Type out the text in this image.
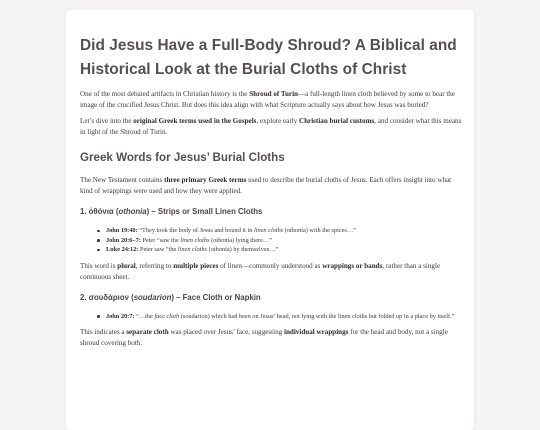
Did Jesus Have a Full-Body Shroud? A Biblical and Historical Look at the Burial Cloths of Christ

One of the most debated artifacts in Christian history is the Shroud of Turin—a full-length linen cloth believed by some to bear the image of the crucified Jesus Christ. But does this idea align with what Scripture actually says about how Jesus was buried?

Let’s dive into the original Greek terms used in the Gospels, explore early Christian burial customs, and consider what this means in light of the Shroud of Turin.

Greek Words for Jesus’ Burial Cloths

The New Testament contains three primary Greek terms used to describe the burial cloths of Jesus. Each offers insight into what kind of wrappings were used and how they were applied.

1. ὀθόνια (othonia) – Strips or Small Linen Cloths
John 19:40: “They took the body of Jesus and bound it in linen cloths (othonia) with the spices…”
John 20:6–7: Peter “saw the linen cloths (othonia) lying there…”
Luke 24:12: Peter saw “the linen cloths (othonia) by themselves…”

This word is plural, referring to multiple pieces of linen—commonly understood as wrappings or bands, rather than a single continuous sheet.

2. σουδάριον (soudarion) – Face Cloth or Napkin
John 20:7: “…the face cloth (soudarion) which had been on Jesus’ head, not lying with the linen cloths but folded up in a place by itself.”

This indicates a separate cloth was placed over Jesus’ face, suggesting individual wrappings for the head and body, not a single shroud covering both.
